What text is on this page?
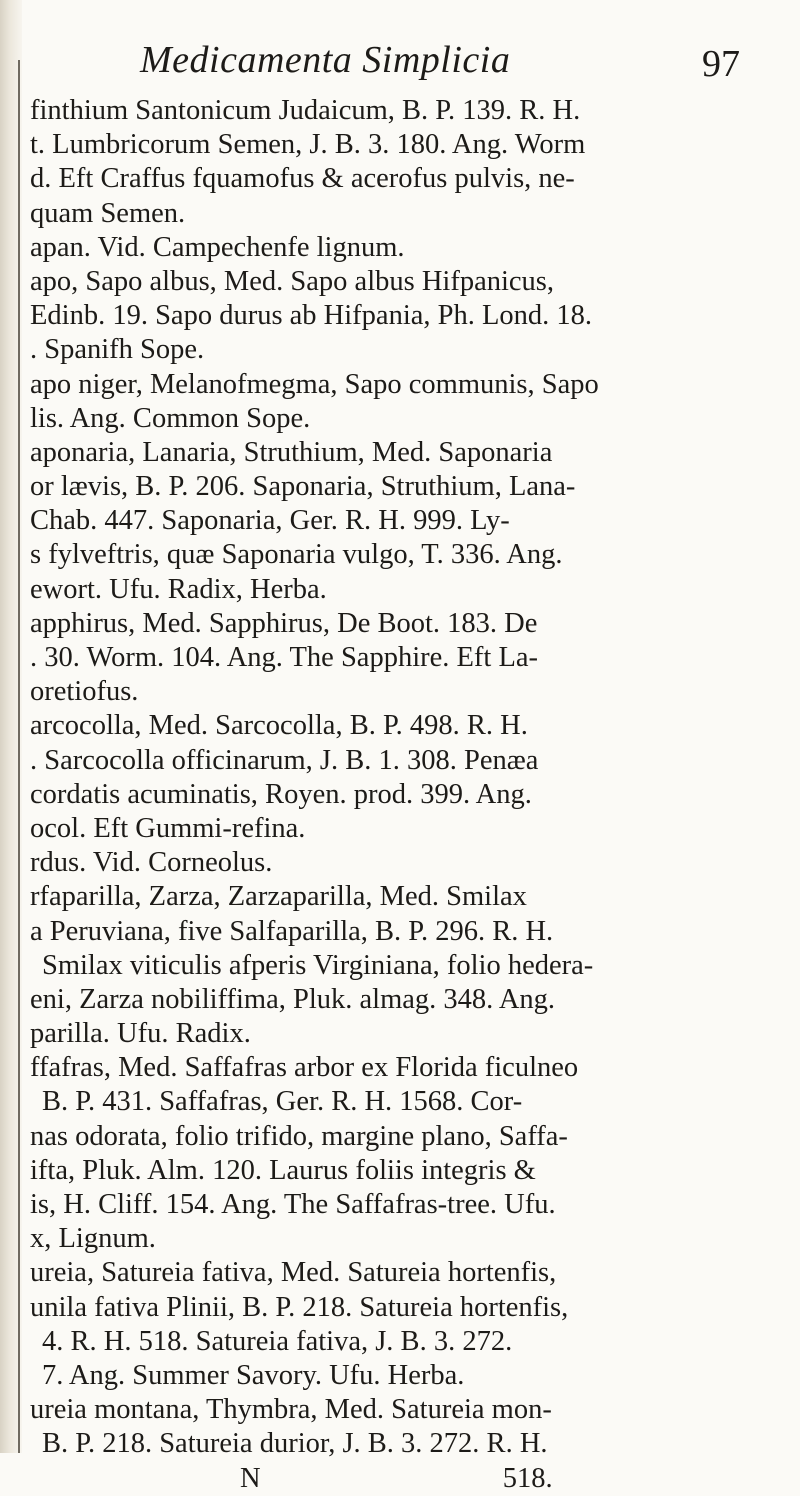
Medicamenta Simplicia	97
finthium Santonicum Judaicum, B. P. 139. R. H.
t. Lumbricorum Semen, J. B. 3. 180. Ang. Worm
d. Eft Craffus fquamofus & acerofus pulvis, ne-
quam Semen.
apan. Vid. Campechenfe lignum.
apo, Sapo albus, Med. Sapo albus Hifpanicus,
Edinb. 19. Sapo durus ab Hifpania, Ph. Lond. 18.
. Spanifh Sope.
apo niger, Melanofmegma, Sapo communis, Sapo
lis. Ang. Common Sope.
aponaria, Lanaria, Struthium, Med. Saponaria
or lævis, B. P. 206. Saponaria, Struthium, Lana-
Chab. 447. Saponaria, Ger. R. H. 999. Ly-
s fylveftris, quæ Saponaria vulgo, T. 336. Ang.
ewort. Ufu. Radix, Herba.
apphirus, Med. Sapphirus, De Boot. 183. De
. 30. Worm. 104. Ang. The Sapphire. Eft La-
oretiofus.
arcocolla, Med. Sarcocolla, B. P. 498. R. H.
. Sarcocolla officinarum, J. B. 1. 308. Penæa
cordatis acuminatis, Royen. prod. 399. Ang.
ocol. Eft Gummi-refina.
rdus. Vid. Corneolus.
rfaparilla, Zarza, Zarzaparilla, Med. Smilax
a Peruviana, five Salfaparilla, B. P. 296. R. H.
Smilax viticulis afperis Virginiana, folio hedera-
eni, Zarza nobiliffima, Pluk. almag. 348. Ang.
parilla. Ufu. Radix.
ffafras, Med. Saffafras arbor ex Florida ficulneo
B. P. 431. Saffafras, Ger. R. H. 1568. Cor-
nas odorata, folio trifido, margine plano, Saffa-
ifta, Pluk. Alm. 120. Laurus foliis integris &
is, H. Cliff. 154. Ang. The Saffafras-tree. Ufu.
x, Lignum.
ureia, Satureia fativa, Med. Satureia hortenfis,
unila fativa Plinii, B. P. 218. Satureia hortenfis,
4. R. H. 518. Satureia fativa, J. B. 3. 272.
7. Ang. Summer Savory. Ufu. Herba.
ureia montana, Thymbra, Med. Satureia mon-
B. P. 218. Satureia durior, J. B. 3. 272. R. H.
N	518.
